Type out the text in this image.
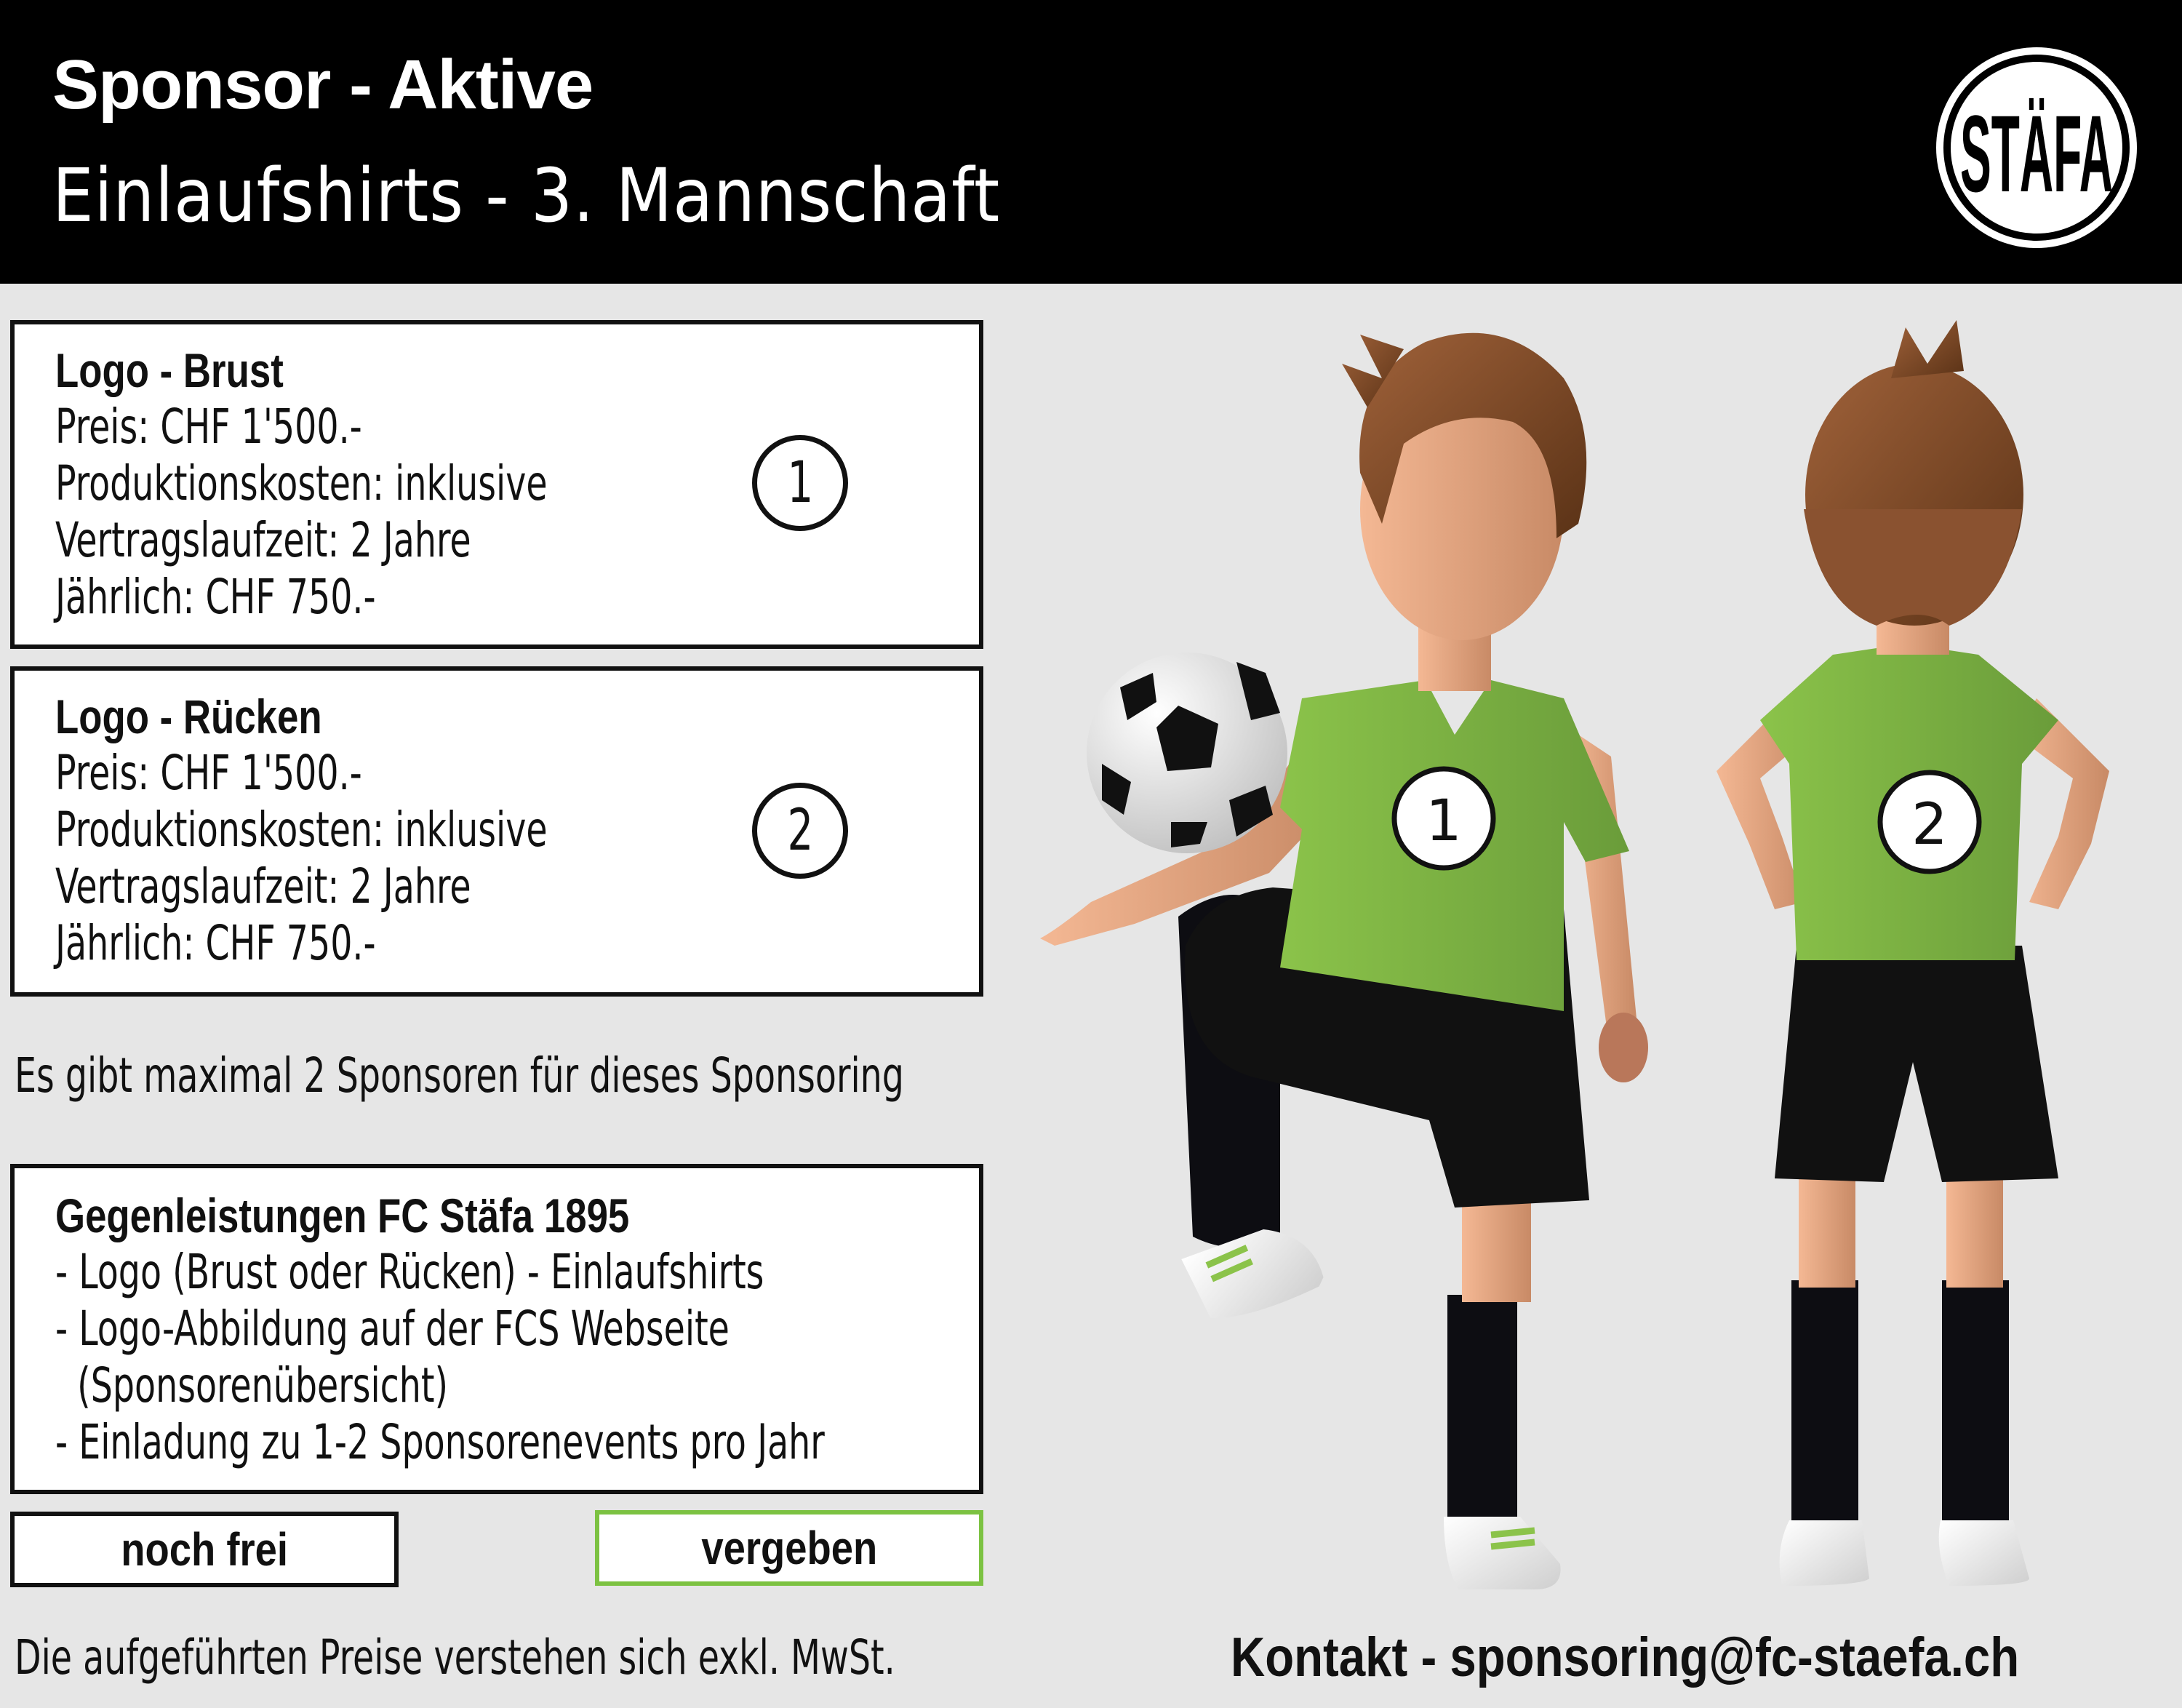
Sponsor - Aktive
Einlaufshirts - 3. Mannschaft	STÄFA
Logo - Brust
Preis: CHF 1'500.-
Produktionskosten: inklusive
Vertragslaufzeit: 2 Jahre
Jährlich: CHF 750.-
1
Logo - Rücken
Preis: CHF 1'500.-
Produktionskosten: inklusive
Vertragslaufzeit: 2 Jahre
Jährlich: CHF 750.-
2
Es gibt maximal 2 Sponsoren für dieses Sponsoring
Gegenleistungen FC Stäfa 1895
- Logo (Brust oder Rücken) - Einlaufshirts
- Logo-Abbildung auf der FCS Webseite
(Sponsorenübersicht)
- Einladung zu 1-2 Sponsorenevents pro Jahr
noch frei	vergeben
Die aufgeführten Preise verstehen sich exkl. MwSt.	Kontakt - sponsoring@fc-staefa.ch
1	2
